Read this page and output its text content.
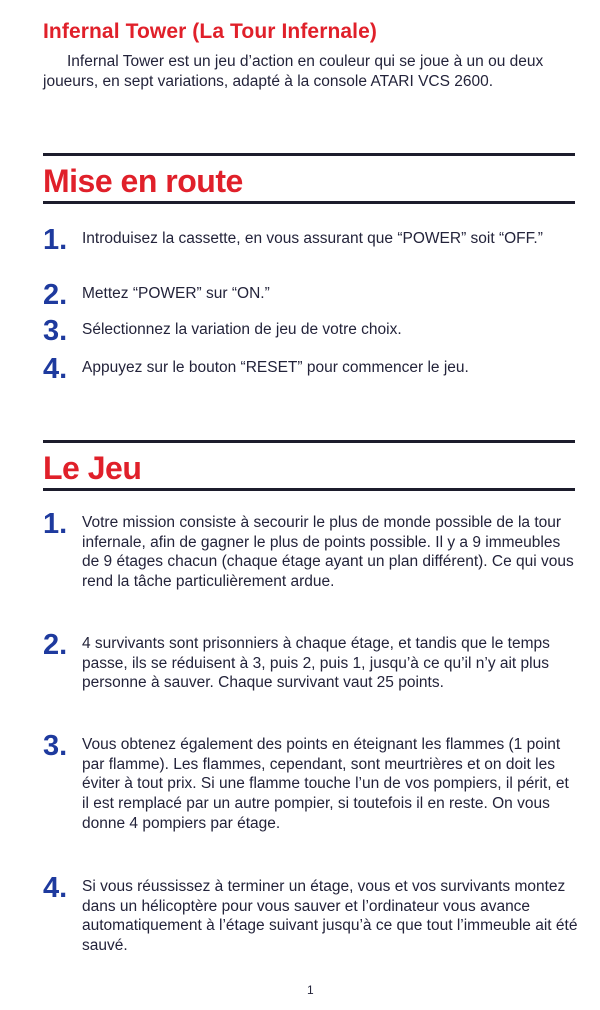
Infernal Tower (La Tour Infernale)

Infernal Tower est un jeu d’action en couleur qui se joue à un ou deux joueurs, en sept variations, adapté à la console ATARI VCS 2600.

Mise en route
1. Introduisez la cassette, en vous assurant que “POWER” soit “OFF.”

2. Mettez “POWER” sur “ON.”

3. Sélectionnez la variation de jeu de votre choix.

4. Appuyez sur le bouton “RESET” pour commencer le jeu.

Le Jeu
1. Votre mission consiste à secourir le plus de monde possible de la tour infernale, afin de gagner le plus de points possible. Il y a 9 immeubles de 9 étages chacun (chaque étage ayant un plan différent). Ce qui vous rend la tâche particulièrement ardue.

2. 4 survivants sont prisonniers à chaque étage, et tandis que le temps passe, ils se réduisent à 3, puis 2, puis 1, jusqu’à ce qu’il n’y ait plus personne à sauver. Chaque survivant vaut 25 points.

3. Vous obtenez également des points en éteignant les flammes (1 point par flamme). Les flammes, cependant, sont meurtrières et on doit les éviter à tout prix. Si une flamme touche l’un de vos pompiers, il périt, et il est remplacé par un autre pompier, si toutefois il en reste. On vous donne 4 pompiers par étage.

4. Si vous réussissez à terminer un étage, vous et vos survivants montez dans un hélicoptère pour vous sauver et l’ordinateur vous avance automatiquement à l’étage suivant jusqu’à ce que tout l’immeuble ait été sauvé.

1
